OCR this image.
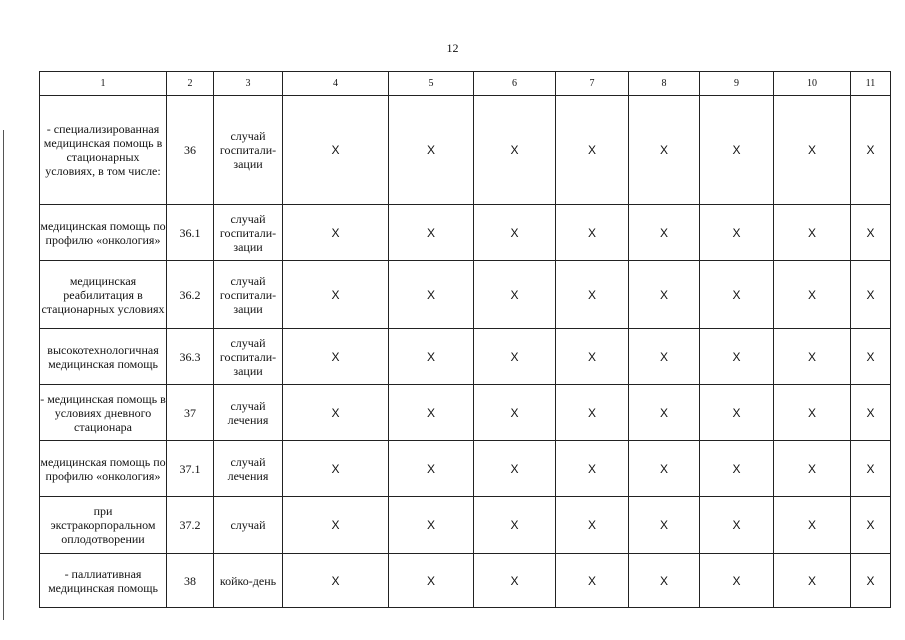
12
1	2	3	4	5	6	7	8	9	10	11
- специализированная медицинская помощь в стационарных условиях, в том числе:	36	случай госпитали-зации	X	X	X	X	X	X	X	X
медицинская помощь по профилю «онкология»	36.1	случай госпитали-зации	X	X	X	X	X	X	X	X
медицинская реабилитация в стационарных условиях	36.2	случай госпитали-зации	X	X	X	X	X	X	X	X
высокотехнологичная медицинская помощь	36.3	случай госпитали-зации	X	X	X	X	X	X	X	X
- медицинская помощь в условиях дневного стационара	37	случай лечения	X	X	X	X	X	X	X	X
медицинская помощь по профилю «онкология»	37.1	случай лечения	X	X	X	X	X	X	X	X
при экстракорпоральном оплодотворении	37.2	случай	X	X	X	X	X	X	X	X
- паллиативная медицинская помощь	38	койко-день	X	X	X	X	X	X	X	X
